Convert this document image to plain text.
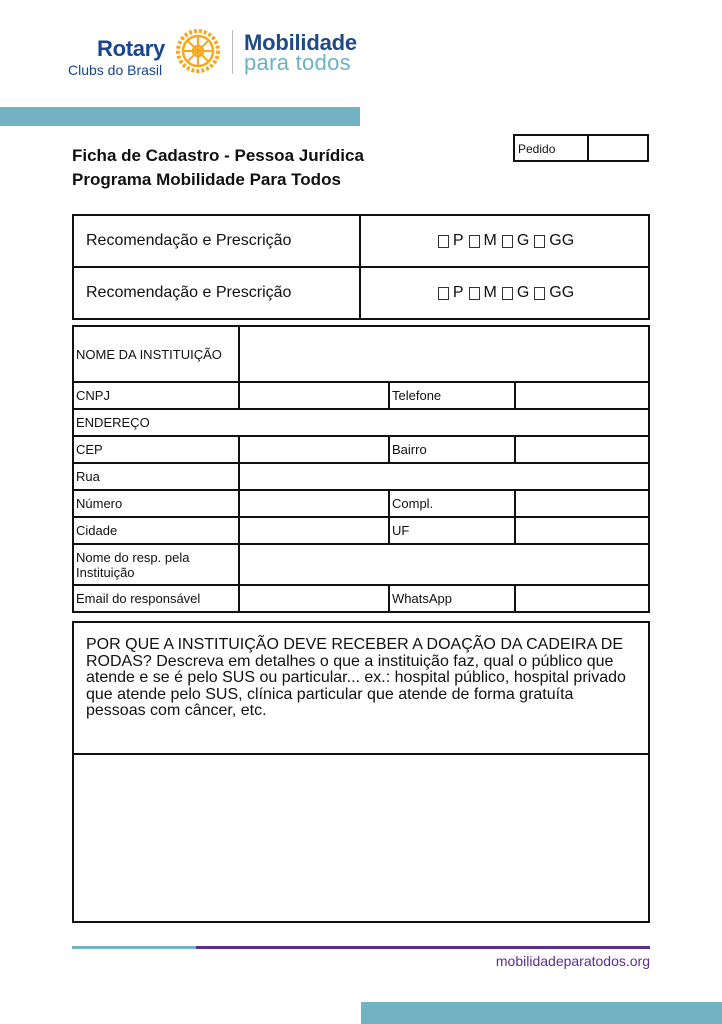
Rotary
Clubs do Brasil
Mobilidade
para todos
Ficha de Cadastro - Pessoa Jurídica
Programa Mobilidade Para Todos
Pedido
Recomendação e Prescrição	P M G GG
Recomendação e Prescrição	P M G GG
NOME DA INSTITUIÇÃO
CNPJ	Telefone
ENDEREÇO
CEP	Bairro
Rua
Número	Compl.
Cidade	UF
Nome do resp. pela Instituição
Email do responsável	WhatsApp
POR QUE A INSTITUIÇÃO DEVE RECEBER A DOAÇÃO DA CADEIRA DE RODAS? Descreva em detalhes o que a instituição faz, qual o público que atende e se é pelo SUS ou particular... ex.: hospital público, hospital privado que atende pelo SUS, clínica particular que atende de forma gratuíta pessoas com câncer, etc.
mobilidadeparatodos.org
